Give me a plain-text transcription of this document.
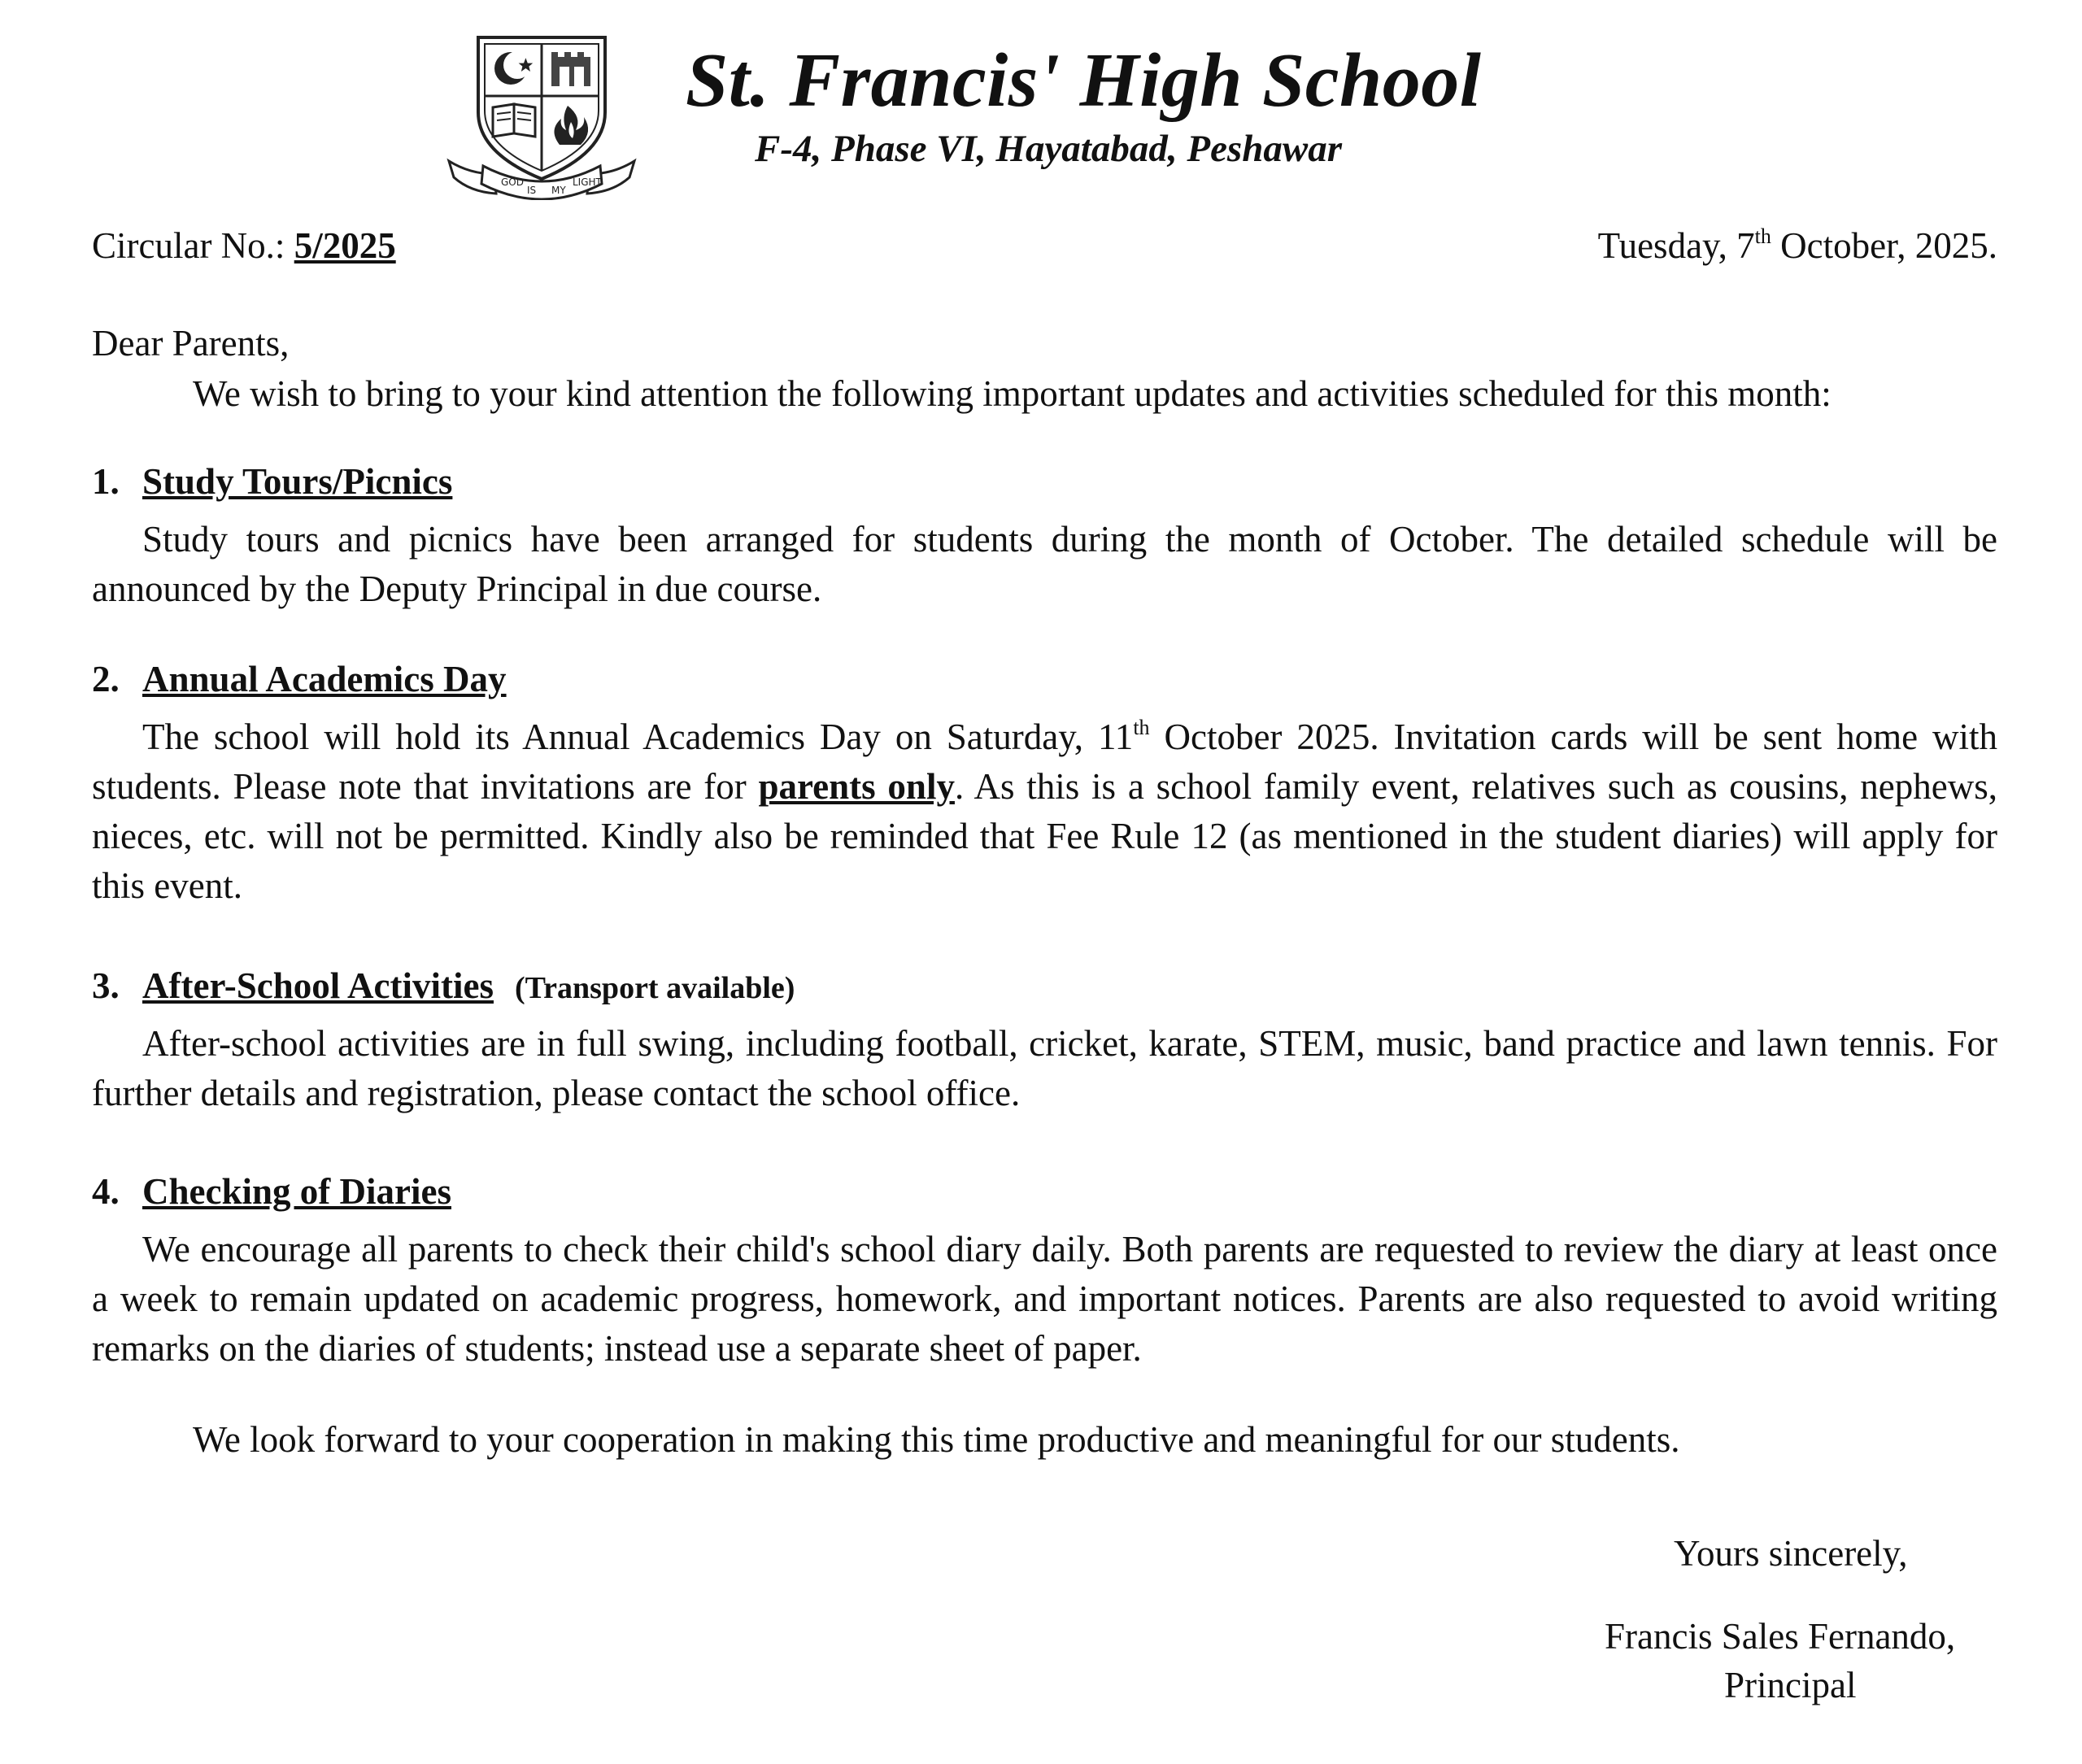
GOD
IS MY
LIGHT
St. Francis' High School
F-4, Phase VI, Hayatabad, Peshawar
Circular No.: 5/2025	Tuesday, 7th October, 2025.
Dear Parents,
We wish to bring to your kind attention the following important updates and activities scheduled for this month:
1. Study Tours/Picnics
Study tours and picnics have been arranged for students during the month of October. The detailed schedule will be announced by the Deputy Principal in due course.
2. Annual Academics Day
The school will hold its Annual Academics Day on Saturday, 11th October 2025. Invitation cards will be sent home with students. Please note that invitations are for parents only. As this is a school family event, relatives such as cousins, nephews, nieces, etc. will not be permitted. Kindly also be reminded that Fee Rule 12 (as mentioned in the student diaries) will apply for this event.
3. After-School Activities (Transport available)
After-school activities are in full swing, including football, cricket, karate, STEM, music, band practice and lawn tennis. For further details and registration, please contact the school office.
4. Checking of Diaries
We encourage all parents to check their child's school diary daily. Both parents are requested to review the diary at least once a week to remain updated on academic progress, homework, and important notices. Parents are also requested to avoid writing remarks on the diaries of students; instead use a separate sheet of paper.
We look forward to your cooperation in making this time productive and meaningful for our students.
Yours sincerely,
Francis Sales Fernando,
Principal
